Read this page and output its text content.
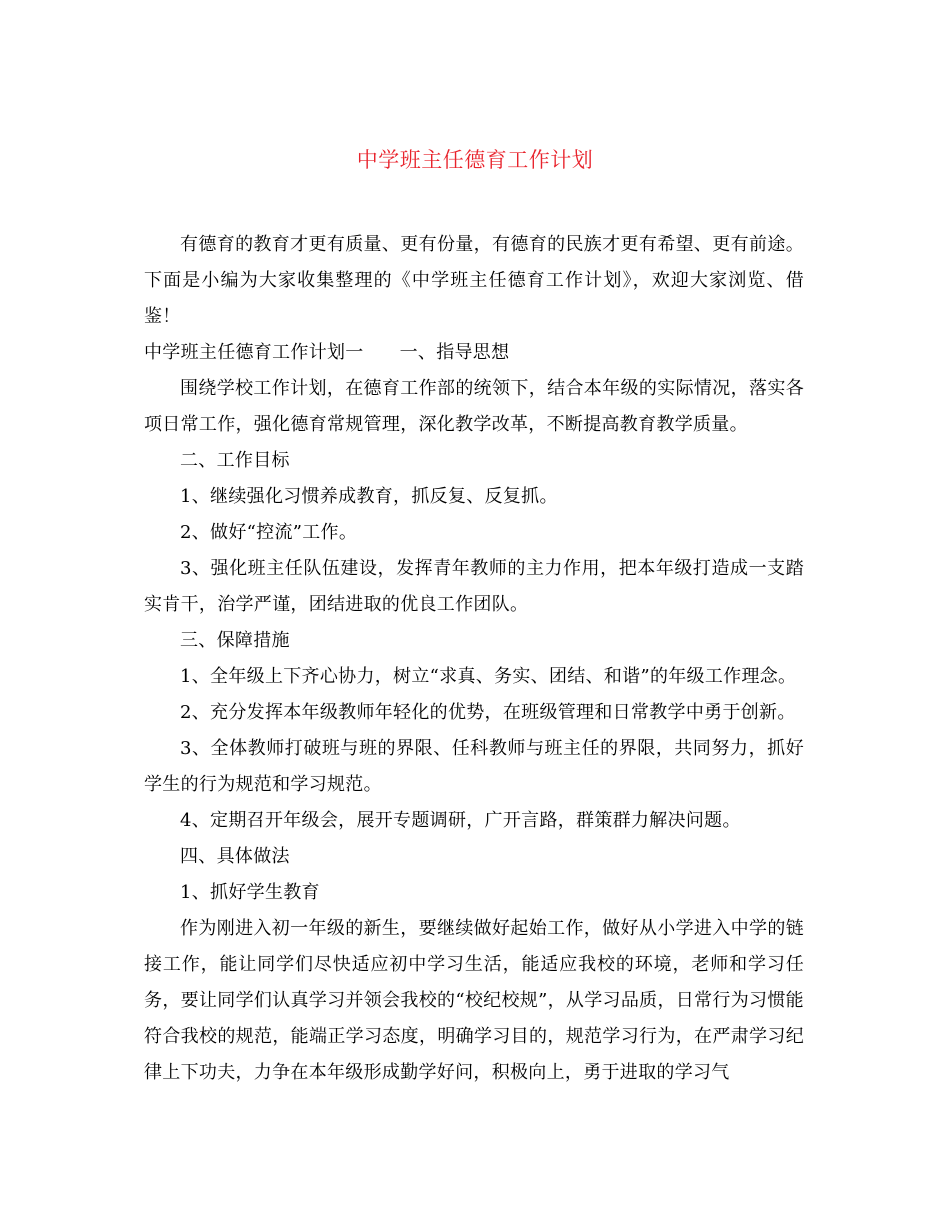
中学班主任德育工作计划

有德育的教育才更有质量、更有份量，有德育的民族才更有希望、更有前途。下面是小编为大家收集整理的《中学班主任德育工作计划》，欢迎大家浏览、借鉴！

中学班主任德育工作计划一 一、指导思想

围绕学校工作计划，在德育工作部的统领下，结合本年级的实际情况，落实各项日常工作，强化德育常规管理，深化教学改革，不断提高教育教学质量。

二、工作目标

1、继续强化习惯养成教育，抓反复、反复抓。

2、做好“控流”工作。

3、强化班主任队伍建设，发挥青年教师的主力作用，把本年级打造成一支踏实肯干，治学严谨，团结进取的优良工作团队。

三、保障措施

1、全年级上下齐心协力，树立“求真、务实、团结、和谐”的年级工作理念。

2、充分发挥本年级教师年轻化的优势，在班级管理和日常教学中勇于创新。

3、全体教师打破班与班的界限、任科教师与班主任的界限，共同努力，抓好学生的行为规范和学习规范。

4、定期召开年级会，展开专题调研，广开言路，群策群力解决问题。

四、具体做法

1、抓好学生教育

作为刚进入初一年级的新生，要继续做好起始工作，做好从小学进入中学的链接工作，能让同学们尽快适应初中学习生活，能适应我校的环境，老师和学习任务，要让同学们认真学习并领会我校的“校纪校规”，从学习品质，日常行为习惯能符合我校的规范，能端正学习态度，明确学习目的，规范学习行为，在严肃学习纪律上下功夫，力争在本年级形成勤学好问，积极向上，勇于进取的学习气
